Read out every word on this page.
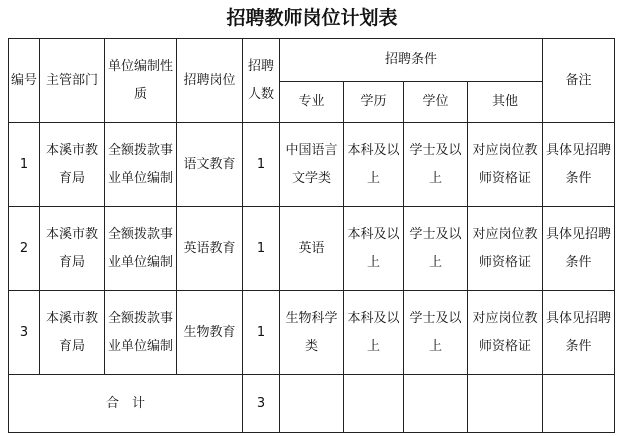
招聘教师岗位计划表
编号	主管部门	单位编制性质	招聘岗位	招聘人数	招聘条件				备注
					专业	学历	学位	其他	
1	本溪市教育局	全额拨款事业单位编制	语文教育	1	中国语言文学类	本科及以上	学士及以上	对应岗位教师资格证	具体见招聘条件
2	本溪市教育局	全额拨款事业单位编制	英语教育	1	英语	本科及以上	学士及以上	对应岗位教师资格证	具体见招聘条件
3	本溪市教育局	全额拨款事业单位编制	生物教育	1	生物科学类	本科及以上	学士及以上	对应岗位教师资格证	具体见招聘条件
合　计				3					
